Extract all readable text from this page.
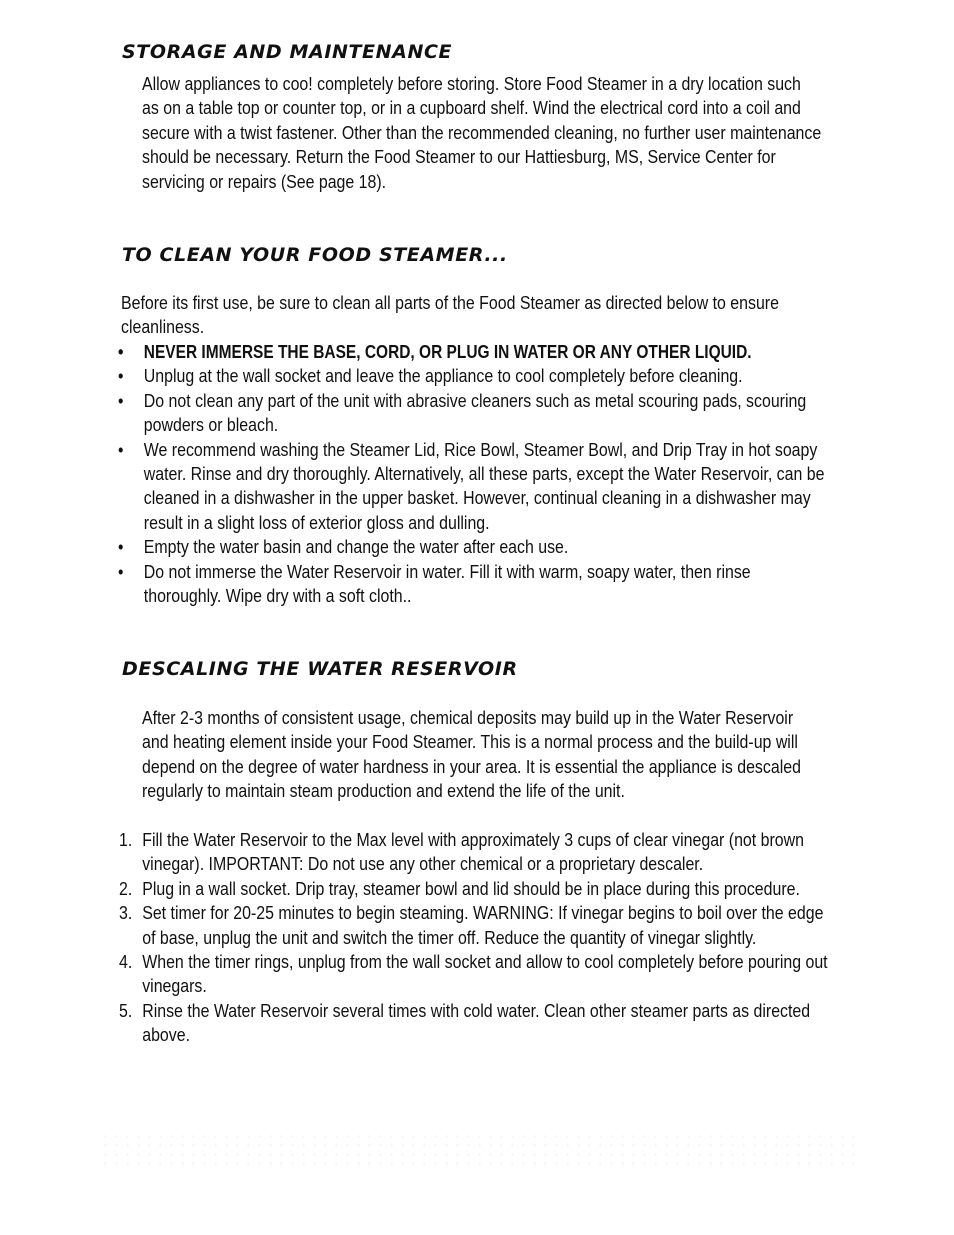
STORAGE AND MAINTENANCE

Allow appliances to coo! completely before storing. Store Food Steamer in a dry location such as on a table top or counter top, or in a cupboard shelf. Wind the electrical cord into a coil and secure with a twist fastener. Other than the recommended cleaning, no further user maintenance should be necessary. Return the Food Steamer to our Hattiesburg, MS, Service Center for servicing or repairs (See page 18).

TO CLEAN YOUR FOOD STEAMER...

Before its first use, be sure to clean all parts of the Food Steamer as directed below to ensure cleanliness.

• NEVER IMMERSE THE BASE, CORD, OR PLUG IN WATER OR ANY OTHER LIQUID.
• Unplug at the wall socket and leave the appliance to cool completely before cleaning.
• Do not clean any part of the unit with abrasive cleaners such as metal scouring pads, scouring powders or bleach.
• We recommend washing the Steamer Lid, Rice Bowl, Steamer Bowl, and Drip Tray in hot soapy water. Rinse and dry thoroughly. Alternatively, all these parts, except the Water Reservoir, can be cleaned in a dishwasher in the upper basket. However, continual cleaning in a dishwasher may result in a slight loss of exterior gloss and dulling.
• Empty the water basin and change the water after each use.
• Do not immerse the Water Reservoir in water. Fill it with warm, soapy water, then rinse thoroughly. Wipe dry with a soft cloth..
DESCALING THE WATER RESERVOIR

After 2-3 months of consistent usage, chemical deposits may build up in the Water Reservoir and heating element inside your Food Steamer. This is a normal process and the build-up will depend on the degree of water hardness in your area. It is essential the appliance is descaled regularly to maintain steam production and extend the life of the unit.

1. Fill the Water Reservoir to the Max level with approximately 3 cups of clear vinegar (not brown vinegar). IMPORTANT: Do not use any other chemical or a proprietary descaler.
2. Plug in a wall socket. Drip tray, steamer bowl and lid should be in place during this procedure.
3. Set timer for 20-25 minutes to begin steaming. WARNING: If vinegar begins to boil over the edge of base, unplug the unit and switch the timer off. Reduce the quantity of vinegar slightly.
4. When the timer rings, unplug from the wall socket and allow to cool completely before pouring out vinegars.
5. Rinse the Water Reservoir several times with cold water. Clean other steamer parts as directed above.
